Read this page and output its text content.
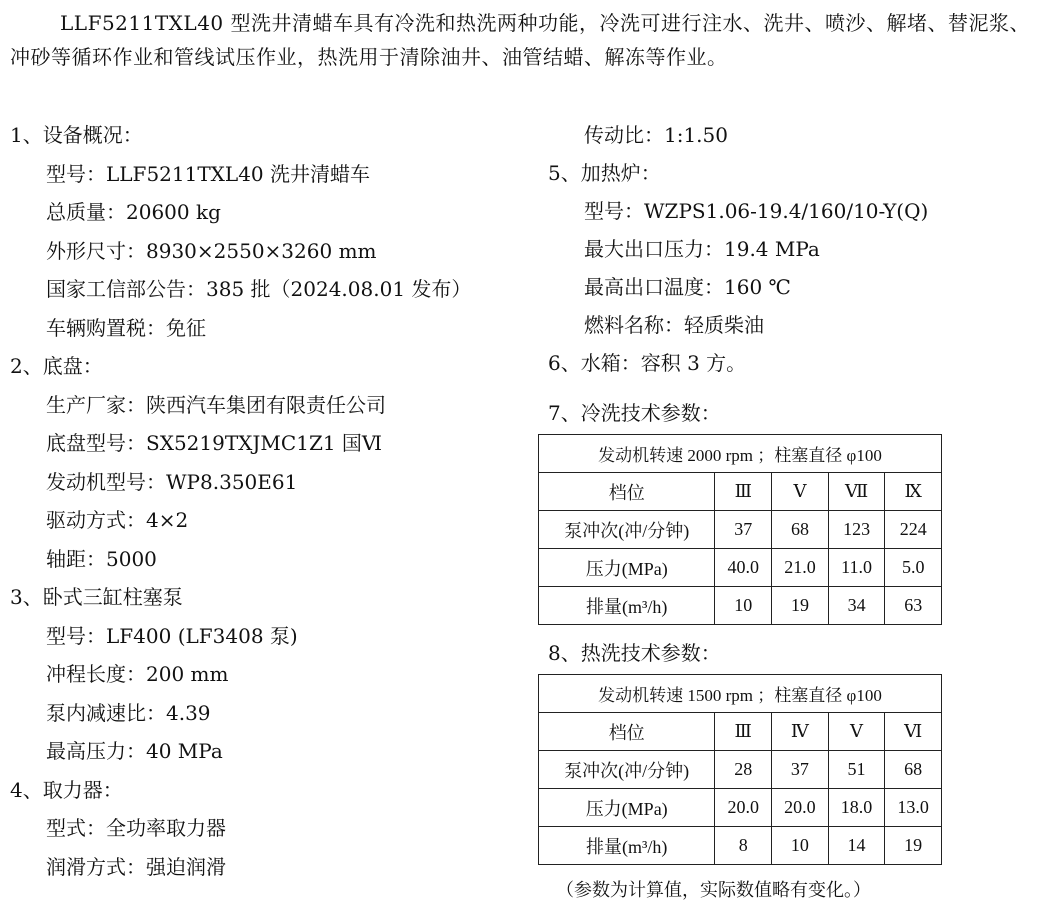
LLF5211TXL40 型洗井清蜡车具有冷洗和热洗两种功能，冷洗可进行注水、洗井、喷沙、解堵、替泥浆、冲砂等循环作业和管线试压作业，热洗用于清除油井、油管结蜡、解冻等作业。

1、设备概况：
型号：LLF5211TXL40 洗井清蜡车
总质量：20600 kg
外形尺寸：8930×2550×3260 mm
国家工信部公告：385 批（2024.08.01 发布）
车辆购置税：免征
2、底盘：
生产厂家：陕西汽车集团有限责任公司
底盘型号：SX5219TXJMC1Z1 国Ⅵ
发动机型号：WP8.350E61
驱动方式：4×2
轴距：5000
3、卧式三缸柱塞泵
型号：LF400 (LF3408 泵)
冲程长度：200 mm
泵内减速比：4.39
最高压力：40 MPa
4、取力器：
型式：全功率取力器
润滑方式：强迫润滑
传动比：1:1.50
5、加热炉：
型号：WZPS1.06-19.4/160/10-Y(Q)
最大出口压力：19.4 MPa
最高出口温度：160 ℃
燃料名称：轻质柴油
6、水箱：容积 3 方。
7、冷洗技术参数：
发动机转速 2000 rpm ；柱塞直径 φ100				
档位	Ⅲ	Ⅴ	Ⅶ	Ⅸ
泵冲次(冲/分钟)	37	68	123	224
压力(MPa)	40.0	21.0	11.0	5.0
排量(m³/h)	10	19	34	63
8、热洗技术参数：
发动机转速 1500 rpm ；柱塞直径 φ100				
档位	Ⅲ	Ⅳ	Ⅴ	Ⅵ
泵冲次(冲/分钟)	28	37	51	68
压力(MPa)	20.0	20.0	18.0	13.0
排量(m³/h)	8	10	14	19
（参数为计算值，实际数值略有变化。）
